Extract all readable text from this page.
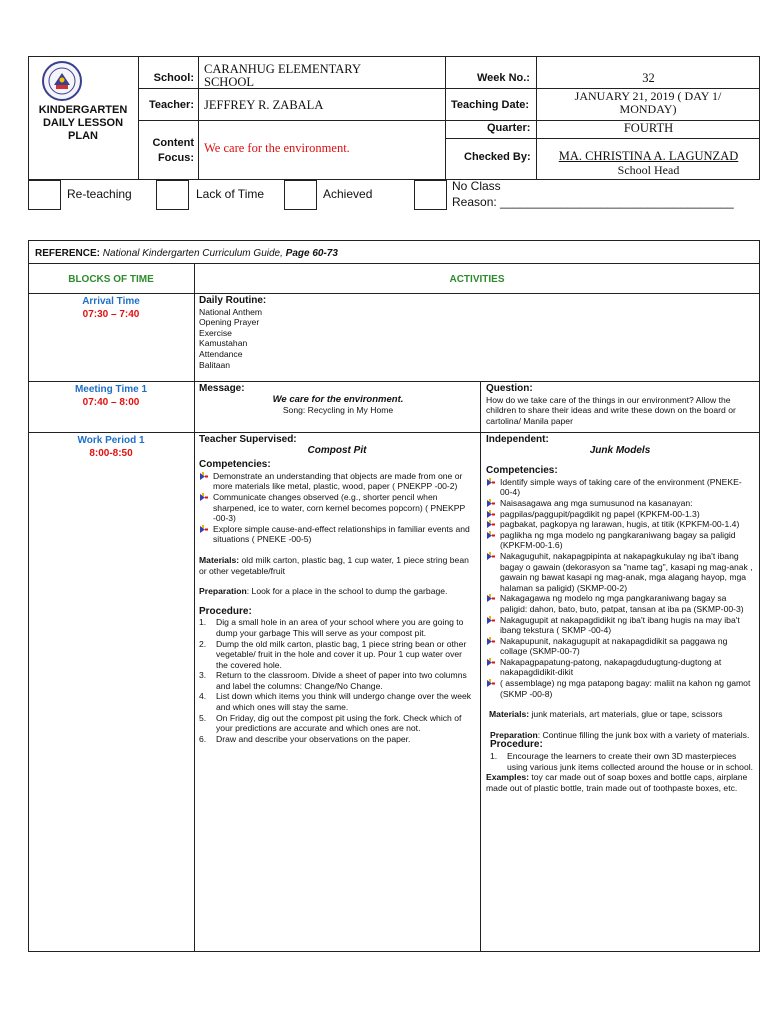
KINDERGARTEN
DAILY LESSON
PLAN
School:
CARANHUG ELEMENTARY SCHOOL
Teacher: JEFFREY R. ZABALA
Content Focus:
We care for the environment.
Week No.:	32
Teaching Date:
JANUARY 21, 2019 ( DAY 1/ MONDAY)
Quarter:	FOURTH
Checked By:	MA. CHRISTINA A. LAGUNZAD
School Head
Re-teaching	Lack of Time	Achieved
No Class
Reason: ___________________________________
REFERENCE: National Kindergarten Curriculum Guide, Page 60-73
BLOCKS OF TIME	ACTIVITIES
Arrival Time
07:30 – 7:40
Daily Routine:
National Anthem
Opening Prayer
Exercise
Kamustahan
Attendance
Balitaan
Meeting Time 1
07:40 – 8:00
Message:
We care for the environment.
Song: Recycling in My Home
Question:
How do we take care of the things in our environment? Allow the children to share their ideas and write these down on the board or cartolina/ Manila paper
Work Period 1
8:00-8:50
Teacher Supervised:
Compost Pit
Competencies:
Demonstrate an understanding that objects are made from one or more materials like metal, plastic, wood, paper ( PNEKPP -00-2)
Communicate changes observed (e.g., shorter pencil when sharpened, ice to water, corn kernel becomes popcorn) ( PNEKPP -00-3)
Explore simple cause-and-effect relationships in familiar events and situations ( PNEKE -00-5)
Materials: old milk carton, plastic bag, 1 cup water, 1 piece string bean or other vegetable/fruit
Preparation: Look for a place in the school to dump the garbage.
Procedure:
1. Dig a small hole in an area of your school where you are going to dump your garbage This will serve as your compost pit.
2. Dump the old milk carton, plastic bag, 1 piece string bean or other vegetable/ fruit in the hole and cover it up. Pour 1 cup water over the covered hole.
3. Return to the classroom. Divide a sheet of paper into two columns and label the columns: Change/No Change.
4. List down which items you think will undergo change over the week and which ones will stay the same.
5. On Friday, dig out the compost pit using the fork. Check which of your predictions are accurate and which ones are not.
6. Draw and describe your observations on the paper.
Independent:
Junk Models
Competencies:
Identify simple ways of taking care of the environment (PNEKE-00-4)
Naisasagawa ang mga sumusunod na kasanayan:
pagpilas/paggupit/pagdikit ng papel (KPKFM-00-1.3)
pagbakat, pagkopya ng larawan, hugis, at titik (KPKFM-00-1.4)
paglikha ng mga modelo ng pangkaraniwang bagay sa paligid (KPKFM-00-1.6)
Nakaguguhit, nakapagpipinta at nakapagkukulay ng iba't ibang bagay o gawain (dekorasyon sa "name tag", kasapi ng mag-anak , gawain ng bawat kasapi ng mag-anak, mga alagang hayop, mga halaman sa paligid) (SKMP-00-2)
Nakagagawa ng modelo ng mga pangkaraniwang bagay sa paligid: dahon, bato, buto, patpat, tansan at iba pa (SKMP-00-3)
Nakagugupit at nakapagdidikit ng iba't ibang hugis na may iba't ibang tekstura ( SKMP -00-4)
Nakapupunit, nakagugupit at nakapagdidikit sa paggawa ng collage (SKMP-00-7)
Nakapagpapatung-patong, nakapagdudugtung-dugtong at nakapagdidikit-dikit
( assemblage) ng mga patapong bagay: maliit na kahon ng gamot (SKMP -00-8)
Materials: junk materials, art materials, glue or tape, scissors
Preparation: Continue filling the junk box with a variety of materials.
Procedure:
1. Encourage the learners to create their own 3D masterpieces using various junk items collected around the house or in school.
Examples: toy car made out of soap boxes and bottle caps, airplane made out of plastic bottle, train made out of toothpaste boxes, etc.
